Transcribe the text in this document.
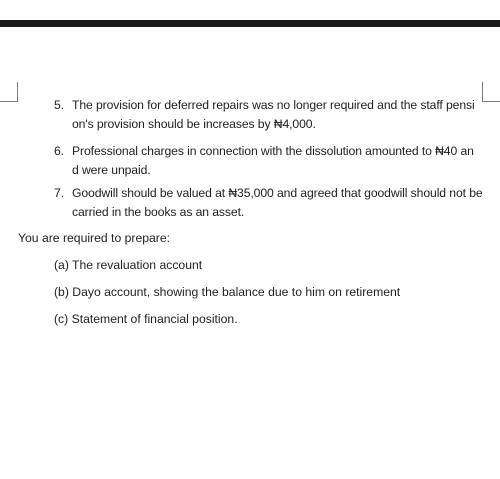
5. The provision for deferred repairs was no longer required and the staff pensi
on's provision should be increases by ₦4,000.
6. Professional charges in connection with the dissolution amounted to ₦40 an
d were unpaid.
7. Goodwill should be valued at ₦35,000 and agreed that goodwill should not be
carried in the books as an asset.
You are required to prepare:
(a) The revaluation account
(b) Dayo account, showing the balance due to him on retirement
(c) Statement of financial position.
